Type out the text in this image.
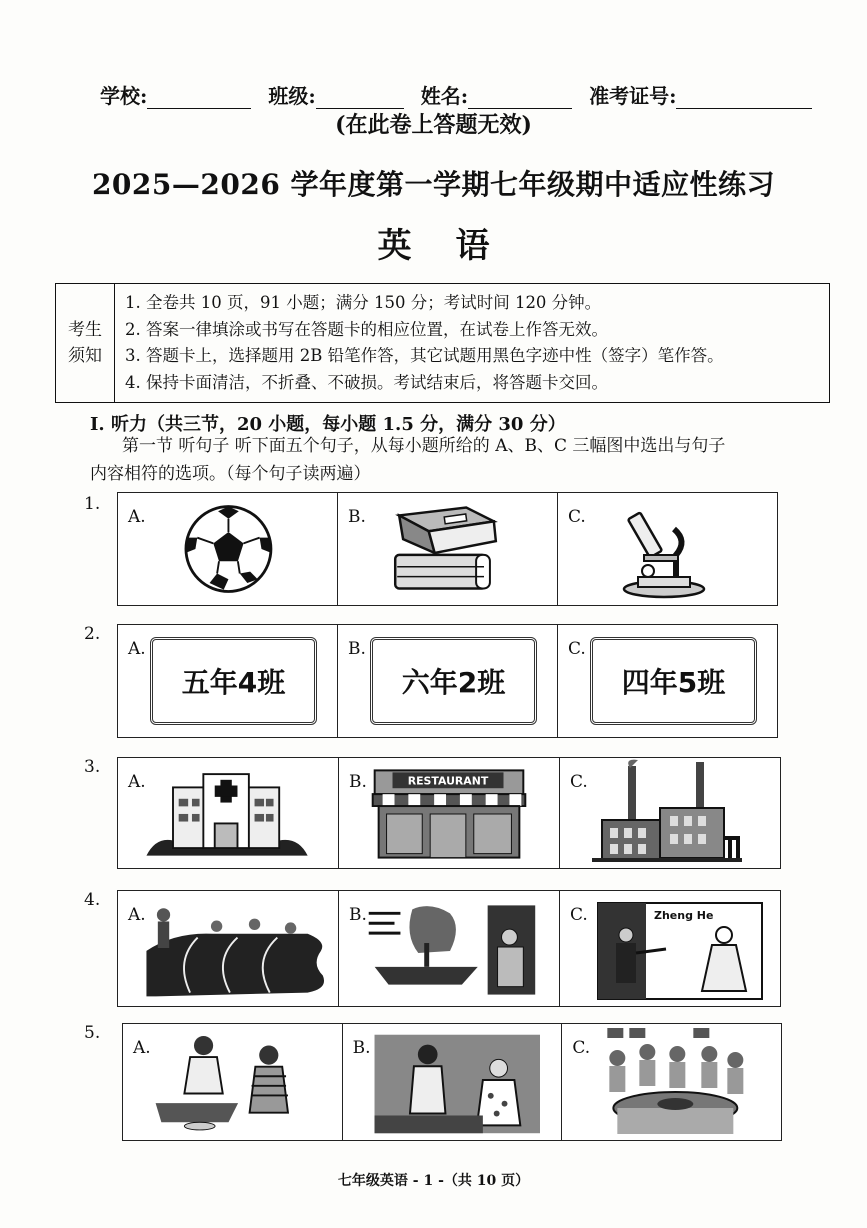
学校:	班级:	姓名:	准考证号:
(在此卷上答题无效)
2025—2026 学年度第一学期七年级期中适应性练习
英语
考生须知
1. 全卷共 10 页，91 小题；满分 150 分；考试时间 120 分钟。
2. 答案一律填涂或书写在答题卡的相应位置，在试卷上作答无效。
3. 答题卡上，选择题用 2B 铅笔作答，其它试题用黑色字迹中性（签字）笔作答。
4. 保持卡面清洁，不折叠、不破损。考试结束后，将答题卡交回。
I. 听力（共三节，20 小题，每小题 1.5 分，满分 30 分）
第一节 听句子 听下面五个句子，从每小题所给的 A、B、C 三幅图中选出与句子
内容相符的选项。（每个句子读两遍）
1.
A.	B.	C.
2.
A.
五年4班
B.
六年2班
C.
四年5班
3.
A.	B.	RESTAURANT	C.
4.
A.	B.	C.	Zheng He
5.
A.	B.	C.
七年级英语 - 1 -（共 10 页）
